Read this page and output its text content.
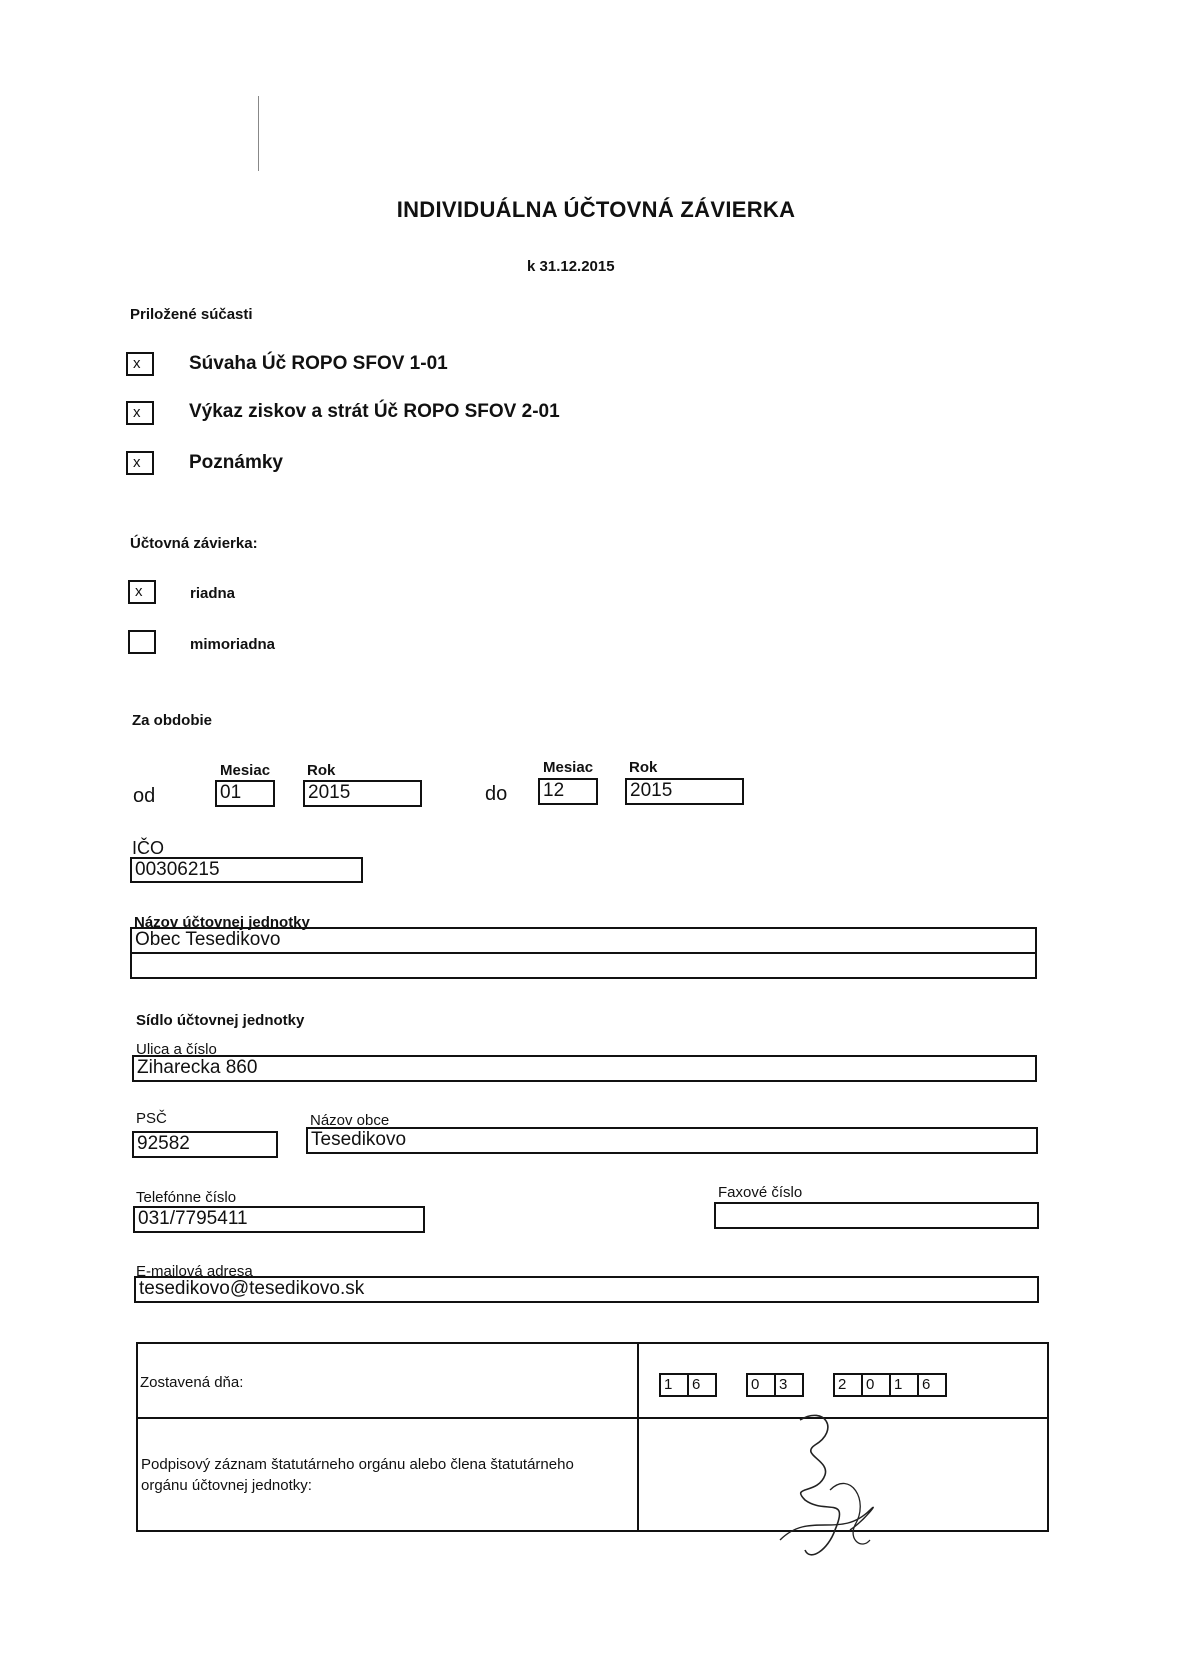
INDIVIDUÁLNA ÚČTOVNÁ ZÁVIERKA
k 31.12.2015
Priložené súčasti
x	Súvaha Úč ROPO SFOV 1-01
x	Výkaz ziskov a strát Úč ROPO SFOV 2-01
x	Poznámky
Účtovná závierka:
x	riadna
mimoriadna
Za obdobie
Mesiac Rok	Mesiac Rok
od	01	2015	do 12	2015
IČO
00306215
Názov účtovnej jednotky
Obec Tesedikovo
Sídlo účtovnej jednotky
Ulica a číslo
Ziharecka 860
PSČ
92582
Názov obce
Tesedikovo
Telefónne číslo
031/7795411
Faxové číslo
E-mailová adresa
tesedikovo@tesedikovo.sk
Zostavená dňa:	1	6	0	3	2	0	1	6
Podpisový záznam štatutárneho orgánu alebo člena štatutárneho orgánu účtovnej jednotky:
